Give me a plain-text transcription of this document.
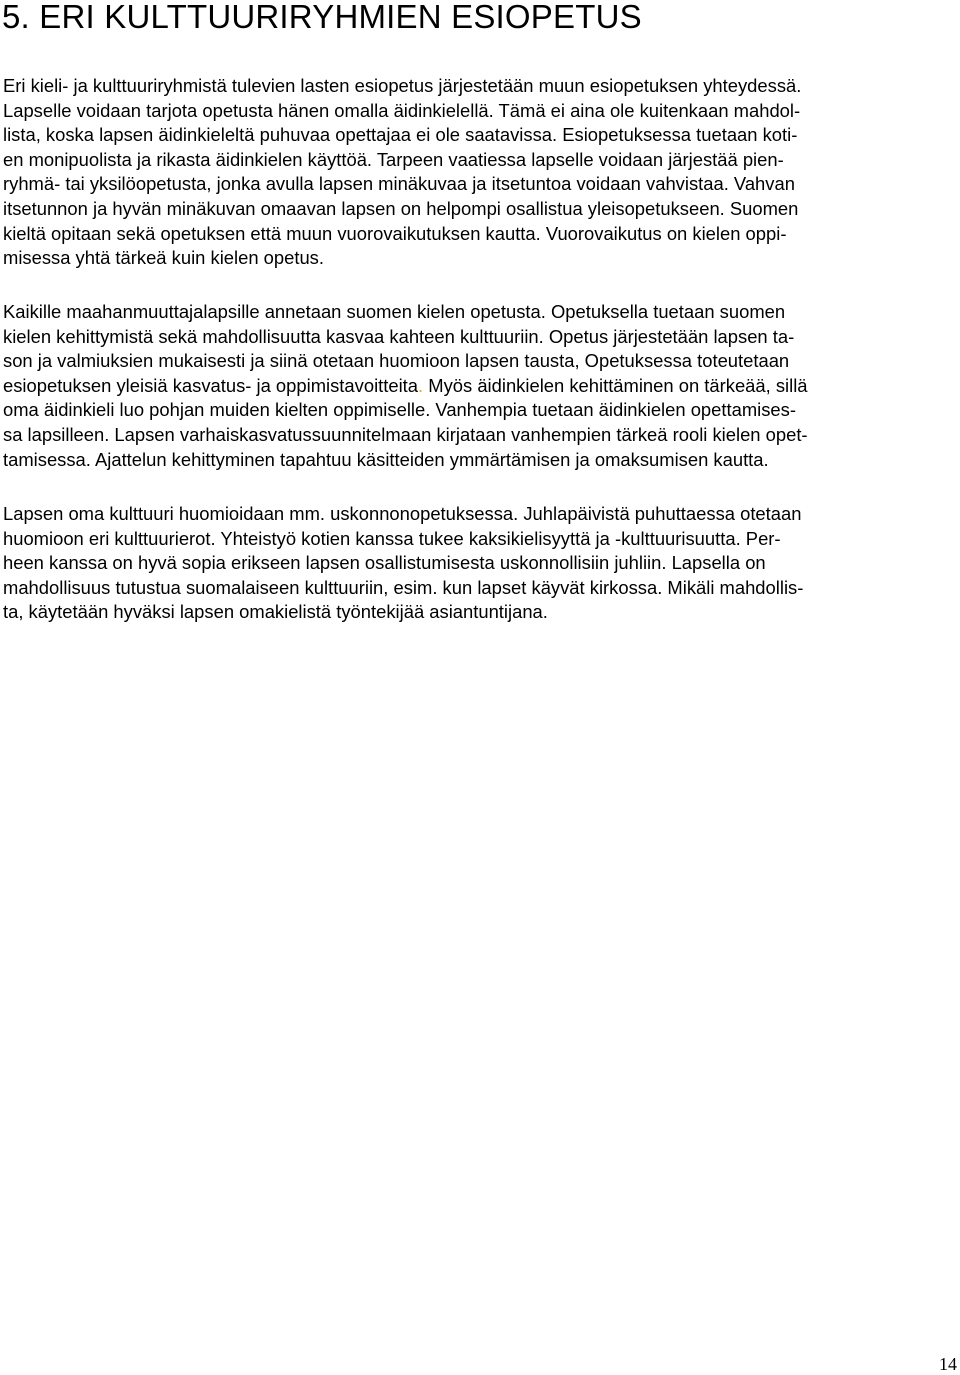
5. ERI KULTTUURIRYHMIEN ESIOPETUS

Eri kieli- ja kulttuuriryhmistä tulevien lasten esiopetus järjestetään muun esiopetuksen yhteydessä.
Lapselle voidaan tarjota opetusta hänen omalla äidinkielellä. Tämä ei aina ole kuitenkaan mahdol-
lista, koska lapsen äidinkieleltä puhuvaa opettajaa ei ole saatavissa. Esiopetuksessa tuetaan koti-
en monipuolista ja rikasta äidinkielen käyttöä. Tarpeen vaatiessa lapselle voidaan järjestää pien-
ryhmä- tai yksilöopetusta, jonka avulla lapsen minäkuvaa ja itsetuntoa voidaan vahvistaa. Vahvan
itsetunnon ja hyvän minäkuvan omaavan lapsen on helpompi osallistua yleisopetukseen. Suomen
kieltä opitaan sekä opetuksen että muun vuorovaikutuksen kautta. Vuorovaikutus on kielen oppi-
misessa yhtä tärkeä kuin kielen opetus.

Kaikille maahanmuuttajalapsille annetaan suomen kielen opetusta. Opetuksella tuetaan suomen
kielen kehittymistä sekä mahdollisuutta kasvaa kahteen kulttuuriin. Opetus järjestetään lapsen ta-
son ja valmiuksien mukaisesti ja siinä otetaan huomioon lapsen tausta, Opetuksessa toteutetaan
esiopetuksen yleisiä kasvatus- ja oppimistavoitteita. Myös äidinkielen kehittäminen on tärkeää, sillä
oma äidinkieli luo pohjan muiden kielten oppimiselle. Vanhempia tuetaan äidinkielen opettamises-
sa lapsilleen. Lapsen varhaiskasvatussuunnitelmaan kirjataan vanhempien tärkeä rooli kielen opet-
tamisessa. Ajattelun kehittyminen tapahtuu käsitteiden ymmärtämisen ja omaksumisen kautta.

Lapsen oma kulttuuri huomioidaan mm. uskonnonopetuksessa. Juhlapäivistä puhuttaessa otetaan
huomioon eri kulttuurierot. Yhteistyö kotien kanssa tukee kaksikielisyyttä ja -kulttuurisuutta. Per-
heen kanssa on hyvä sopia erikseen lapsen osallistumisesta uskonnollisiin juhliin. Lapsella on
mahdollisuus tutustua suomalaiseen kulttuuriin, esim. kun lapset käyvät kirkossa. Mikäli mahdollis-
ta, käytetään hyväksi lapsen omakielistä työntekijää asiantuntijana.

14
